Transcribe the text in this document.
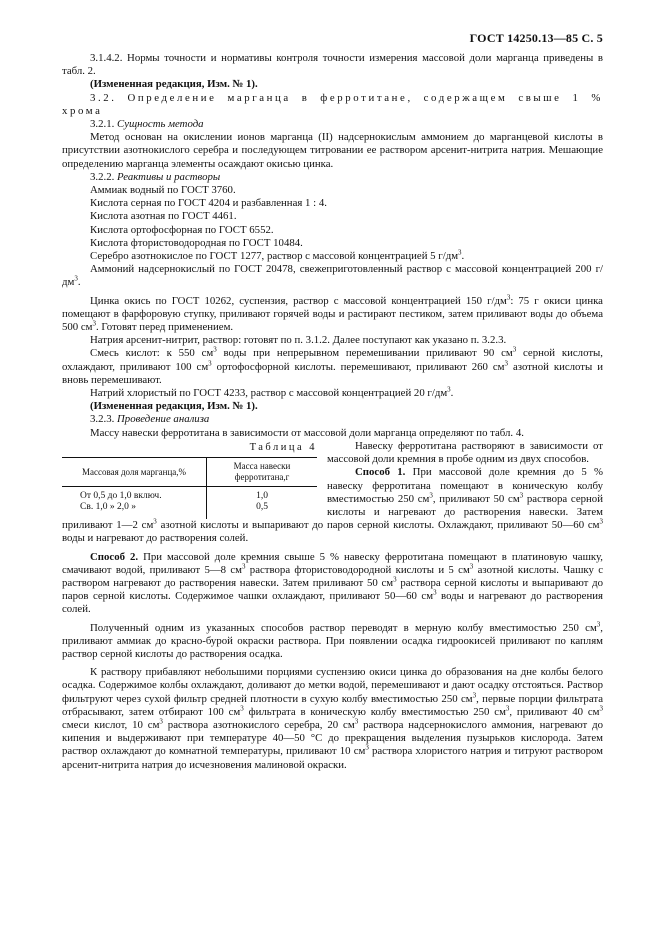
ГОСТ 14250.13—85 С. 5

3.1.4.2. Нормы точности и нормативы контроля точности измерения массовой доли марганца приведены в табл. 2.

(Измененная редакция, Изм. № 1).

3.2. Определение марганца в ферротитане, содержащем свыше 1 % хрома

3.2.1. Сущность метода

Метод основан на окислении ионов марганца (II) надсернокислым аммонием до марганцевой кислоты в присутствии азотнокислого серебра и последующем титровании ее раствором арсенит-нитрита натрия. Мешающие определению марганца элементы осаждают окисью цинка.

3.2.2. Реактивы и растворы

Аммиак водный по ГОСТ 3760.

Кислота серная по ГОСТ 4204 и разбавленная 1 : 4.

Кислота азотная по ГОСТ 4461.

Кислота ортофосфорная по ГОСТ 6552.

Кислота фтористоводородная по ГОСТ 10484.

Серебро азотнокислое по ГОСТ 1277, раствор с массовой концентрацией 5 $г/дм^3$.

Аммоний надсернокислый по ГОСТ 20478, свежеприготовленный раствор с массовой концентрацией 200 $г/дм^3$.

Цинка окись по ГОСТ 10262, суспензия, раствор с массовой концентрацией 150 $г/дм^3$: 75 г окиси цинка помещают в фарфоровую ступку, приливают горячей воды и растирают пестиком, затем приливают воды до объема 500 $см^3$. Готовят перед применением.

Натрия арсенит-нитрит, раствор: готовят по п. 3.1.2. Далее поступают как указано п. 3.2.3.

Смесь кислот: к 550 $см^3$ воды при непрерывном перемешивании приливают 90 $см^3$ серной кислоты, охлаждают, приливают 100 $см^3$ ортофосфорной кислоты. перемешивают, приливают 260 $см^3$ азотной кислоты и вновь перемешивают.

Натрий хлористый по ГОСТ 4233, раствор с массовой концентрацией 20 $г/дм^3$.

(Измененная редакция, Изм. № 1).

3.2.3. Проведение анализа

Массу навески ферротитана в зависимости от массовой доли марганца определяют по табл. 4.

Таблица 4
Массовая доля марганца,%	Масса навески ферротитана,г
От 0,5 до 1,0 включ.	1,0
Св. 1,0 » 2,0 »	0,5

Навеску ферротитана растворяют в зависимости от массовой доли кремния в пробе одним из двух способов.

Способ 1. При массовой доле кремния до 5 % навеску ферротитана помещают в коническую колбу вместимостью 250 $см^3$, приливают 50 $см^3$ раствора серной кислоты и нагревают до растворения навески. Затем приливают 1—2 $см^3$ азотной кислоты и выпаривают до паров серной кислоты. Охлаждают, приливают 50—60 $см^3$ воды и нагревают до растворения солей.

Способ 2. При массовой доле кремния свыше 5 % навеску ферротитана помещают в платиновую чашку, смачивают водой, приливают 5—8 $см^3$ раствора фтористоводородной кислоты и 5 $см^3$ азотной кислоты. Чашку с раствором нагревают до растворения навески. Затем приливают 50 $см^3$ раствора серной кислоты и выпаривают до паров серной кислоты. Содержимое чашки охлаждают, приливают 50—60 $см^3$ воды и нагревают до растворения солей.

Полученный одним из указанных способов раствор переводят в мерную колбу вместимостью 250 $см^3$, приливают аммиак до красно-бурой окраски раствора. При появлении осадка гидроокисей приливают по каплям раствор серной кислоты до растворения осадка.

К раствору прибавляют небольшими порциями суспензию окиси цинка до образования на дне колбы белого осадка. Содержимое колбы охлаждают, доливают до метки водой, перемешивают и дают осадку отстояться. Раствор фильтруют через сухой фильтр средней плотности в сухую колбу вместимостью 250 $см^3$, первые порции фильтрата отбрасывают, затем отбирают 100 $см^3$ фильтрата в коническую колбу вместимостью 250 $см^3$, приливают 40 $см^3$ смеси кислот, 10 $см^3$ раствора азотнокислого серебра, 20 $см^3$ раствора надсернокислого аммония, нагревают до кипения и выдерживают при температуре 40—50 °С до прекращения выделения пузырьков кислорода. Затем раствор охлаждают до комнатной температуры, приливают 10 $см^3$ раствора хлористого натрия и титруют раствором арсенит-нитрита натрия до исчезновения малиновой окраски.
